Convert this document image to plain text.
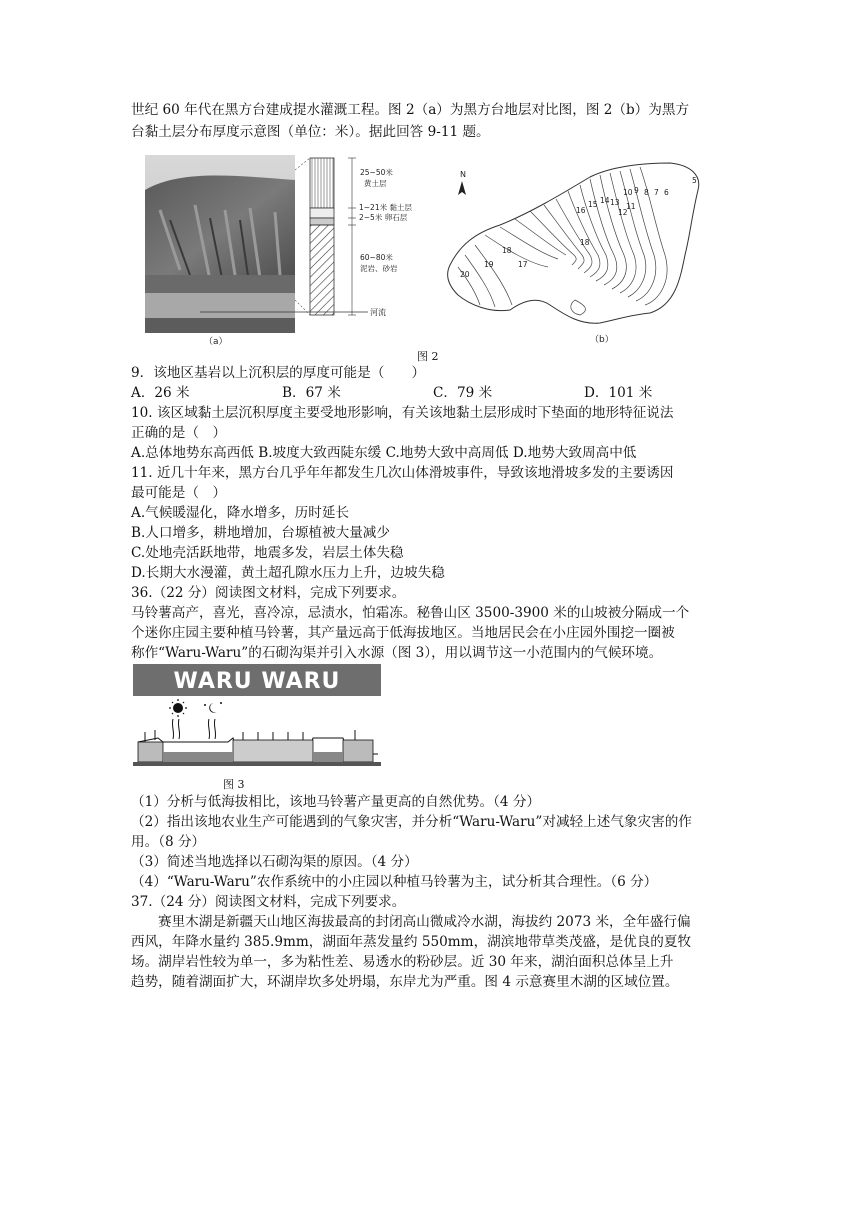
世纪 60 年代在黑方台建成提水灌溉工程。图 2（a）为黑方台地层对比图，图 2（b）为黑方
台黏土层分布厚度示意图（单位：米）。据此回答 9-11 题。
河流
25~50米
黄土层
1~21米 黏土层
2~5米 卵石层
60~80米
泥岩、砂岩
（a）
N
5
6
7
8
9
10
11
12
13
14
15
16
17
18
18
19
20
（b）
图 2
9．该地区基岩以上沉积层的厚度可能是（　　）
A．26 米	B．67 米	C．79 米	D．101 米
10. 该区域黏土层沉积厚度主要受地形影响，有关该地黏土层形成时下垫面的地形特征说法
正确的是（　）
A.总体地势东高西低 B.坡度大致西陡东缓 C.地势大致中高周低 D.地势大致周高中低
11. 近几十年来，黑方台几乎年年都发生几次山体滑坡事件，导致该地滑坡多发的主要诱因
最可能是（　）
A.气候暖湿化，降水增多，历时延长
B.人口增多，耕地增加，台塬植被大量减少
C.处地壳活跃地带，地震多发，岩层土体失稳
D.长期大水漫灌，黄土超孔隙水压力上升，边坡失稳
36.（22 分）阅读图文材料，完成下列要求。
马铃薯高产，喜光，喜冷凉，忌渍水，怕霜冻。秘鲁山区 3500-3900 米的山坡被分隔成一个
个迷你庄园主要种植马铃薯，其产量远高于低海拔地区。当地居民会在小庄园外围挖一圈被
称作“Waru-Waru”的石砌沟渠并引入水源（图 3），用以调节这一小范围内的气候环境。
WARU WARU
图 3
（1）分析与低海拔相比，该地马铃薯产量更高的自然优势。（4 分）
（2）指出该地农业生产可能遇到的气象灾害，并分析“Waru-Waru”对减轻上述气象灾害的作
用。（8 分）
（3）简述当地选择以石砌沟渠的原因。（4 分）
（4）“Waru-Waru”农作系统中的小庄园以种植马铃薯为主，试分析其合理性。（6 分）
37.（24 分）阅读图文材料，完成下列要求。
赛里木湖是新疆天山地区海拔最高的封闭高山微咸冷水湖，海拔约 2073 米，全年盛行偏
西风，年降水量约 385.9mm，湖面年蒸发量约 550mm，湖滨地带草类茂盛，是优良的夏牧
场。湖岸岩性较为单一，多为粘性差、易透水的粉砂层。近 30 年来，湖泊面积总体呈上升
趋势，随着湖面扩大，环湖岸坎多处坍塌，东岸尤为严重。图 4 示意赛里木湖的区域位置。
